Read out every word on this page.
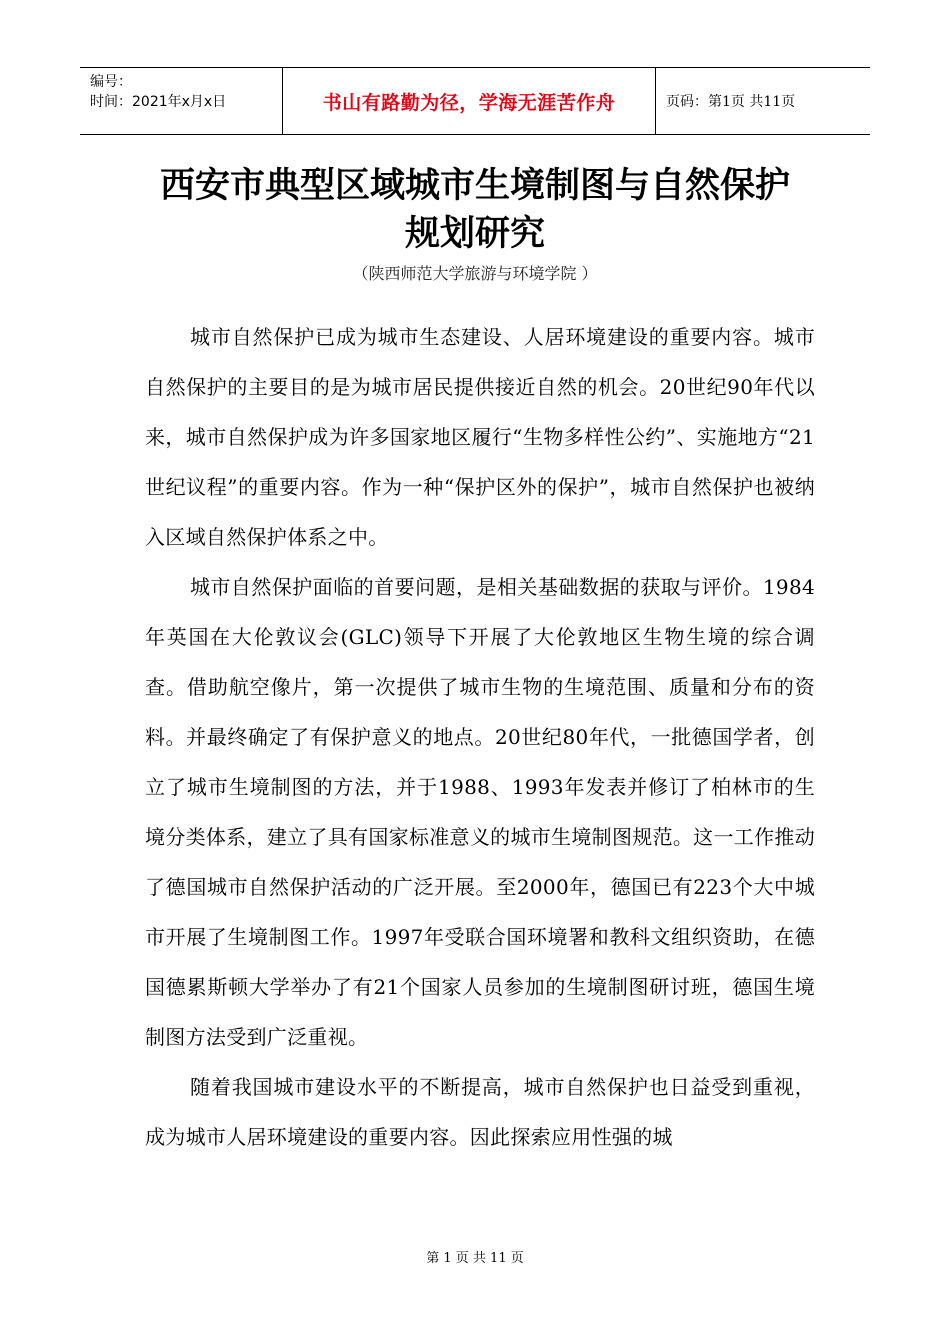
编号：
时间：2021年x月x日	书山有路勤为径，学海无涯苦作舟	页码：第1页 共11页
西安市典型区域城市生境制图与自然保护
规划研究
（陕西师范大学旅游与环境学院 ）

城市自然保护已成为城市生态建设、人居环境建设的重要内容。城市自然保护的主要目的是为城市居民提供接近自然的机会。20世纪90年代以来，城市自然保护成为许多国家地区履行“生物多样性公约”、实施地方“21世纪议程”的重要内容。作为一种“保护区外的保护”，城市自然保护也被纳入区域自然保护体系之中。

城市自然保护面临的首要问题，是相关基础数据的获取与评价。1984年英国在大伦敦议会(GLC)领导下开展了大伦敦地区生物生境的综合调查。借助航空像片，第一次提供了城市生物的生境范围、质量和分布的资料。并最终确定了有保护意义的地点。20世纪80年代，一批德国学者，创立了城市生境制图的方法，并于1988、1993年发表并修订了柏林市的生境分类体系，建立了具有国家标准意义的城市生境制图规范。这一工作推动了德国城市自然保护活动的广泛开展。至2000年，德国已有223个大中城市开展了生境制图工作。1997年受联合国环境署和教科文组织资助，在德国德累斯顿大学举办了有21个国家人员参加的生境制图研讨班，德国生境制图方法受到广泛重视。

随着我国城市建设水平的不断提高，城市自然保护也日益受到重视，成为城市人居环境建设的重要内容。因此探索应用性强的城

第 1 页 共 11 页
